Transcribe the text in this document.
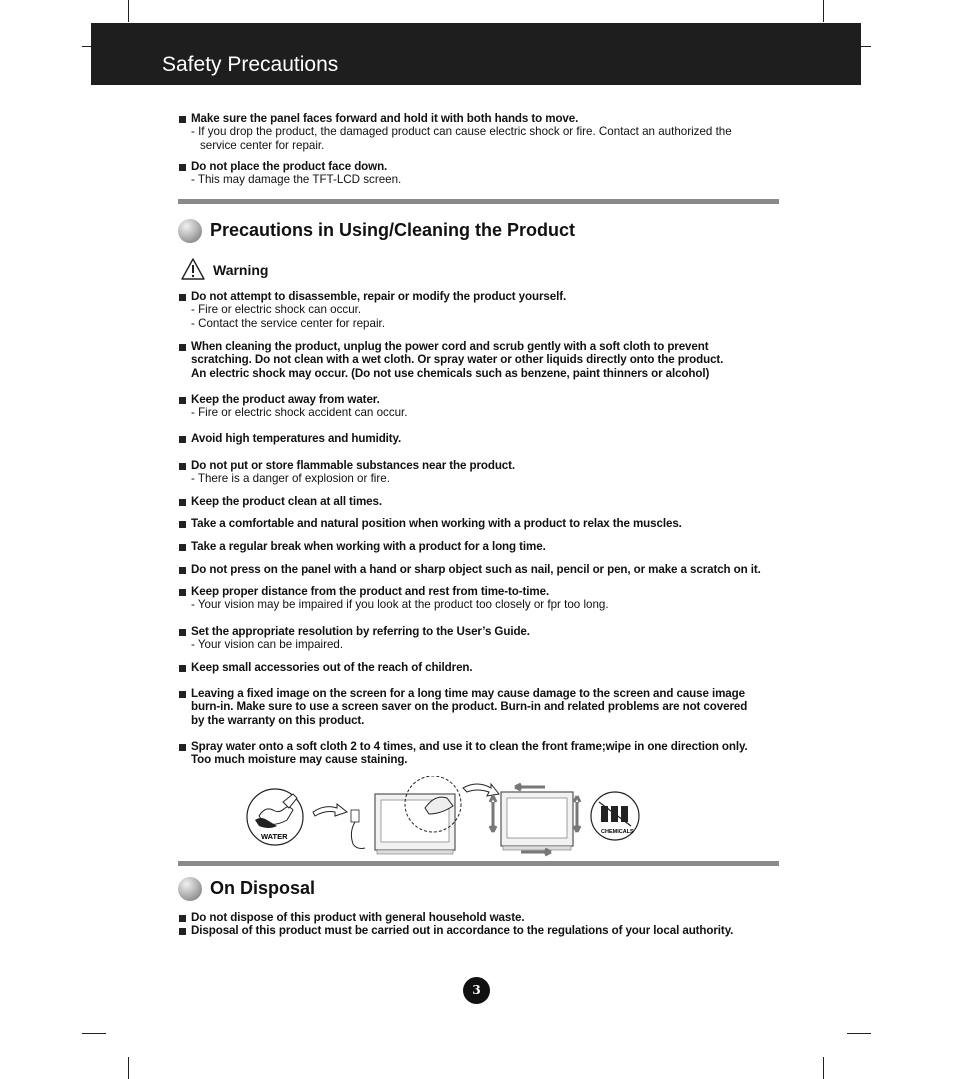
Safety Precautions
Make sure the panel faces forward and hold it with both hands to move.
- If you drop the product, the damaged product can cause electric shock or fire. Contact an authorized the
service center for repair.
Do not place the product face down.
- This may damage the TFT-LCD screen.
Precautions in Using/Cleaning the Product
Warning
Do not attempt to disassemble, repair or modify the product yourself.
- Fire or electric shock can occur.
- Contact the service center for repair.
When cleaning the product, unplug the power cord and scrub gently with a soft cloth to prevent
scratching. Do not clean with a wet cloth. Or spray water or other liquids directly onto the product.
An electric shock may occur. (Do not use chemicals such as benzene, paint thinners or alcohol)
Keep the product away from water.
- Fire or electric shock accident can occur.
Avoid high temperatures and humidity.
Do not put or store flammable substances near the product.
- There is a danger of explosion or fire.
Keep the product clean at all times.
Take a comfortable and natural position when working with a product to relax the muscles.
Take a regular break when working with a product for a long time.
Do not press on the panel with a hand or sharp object such as nail, pencil or pen, or make a scratch on it.
Keep proper distance from the product and rest from time-to-time.
- Your vision may be impaired if you look at the product too closely or fpr too long.
Set the appropriate resolution by referring to the User’s Guide.
- Your vision can be impaired.
Keep small accessories out of the reach of children.
Leaving a fixed image on the screen for a long time may cause damage to the screen and cause image
burn-in. Make sure to use a screen saver on the product. Burn-in and related problems are not covered
by the warranty on this product.
Spray water onto a soft cloth 2 to 4 times, and use it to clean the front frame;wipe in one direction only.
Too much moisture may cause staining.
WATER	CHEMICALS
On Disposal
Do not dispose of this product with general household waste.
Disposal of this product must be carried out in accordance to the regulations of your local authority.
3
